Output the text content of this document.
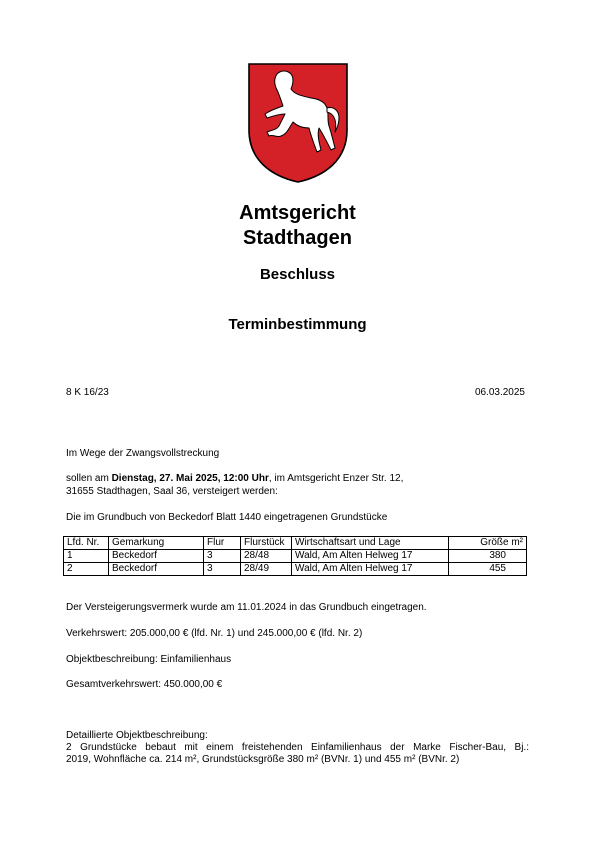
Amtsgericht
Stadthagen
Beschluss
Terminbestimmung
8 K 16/23	06.03.2025
Im Wege der Zwangsvollstreckung
sollen am Dienstag, 27. Mai 2025, 12:00 Uhr, im Amtsgericht Enzer Str. 12,
31655 Stadthagen, Saal 36, versteigert werden:
Die im Grundbuch von Beckedorf Blatt 1440 eingetragenen Grundstücke
Lfd. Nr.	Gemarkung	Flur	Flurstück	Wirtschaftsart und Lage	Größe m²
1	Beckedorf	3	28/48	Wald, Am Alten Helweg 17	380
2	Beckedorf	3	28/49	Wald, Am Alten Helweg 17	455
Der Versteigerungsvermerk wurde am 11.01.2024 in das Grundbuch eingetragen.
Verkehrswert: 205.000,00 € (lfd. Nr. 1) und 245.000,00 € (lfd. Nr. 2)
Objektbeschreibung: Einfamilienhaus
Gesamtverkehrswert: 450.000,00 €
Detaillierte Objektbeschreibung:
2 Grundstücke bebaut mit einem freistehenden Einfamilienhaus der Marke Fischer-Bau, Bj.:
2019, Wohnfläche ca. 214 m², Grundstücksgröße 380 m² (BVNr. 1) und 455 m² (BVNr. 2)
